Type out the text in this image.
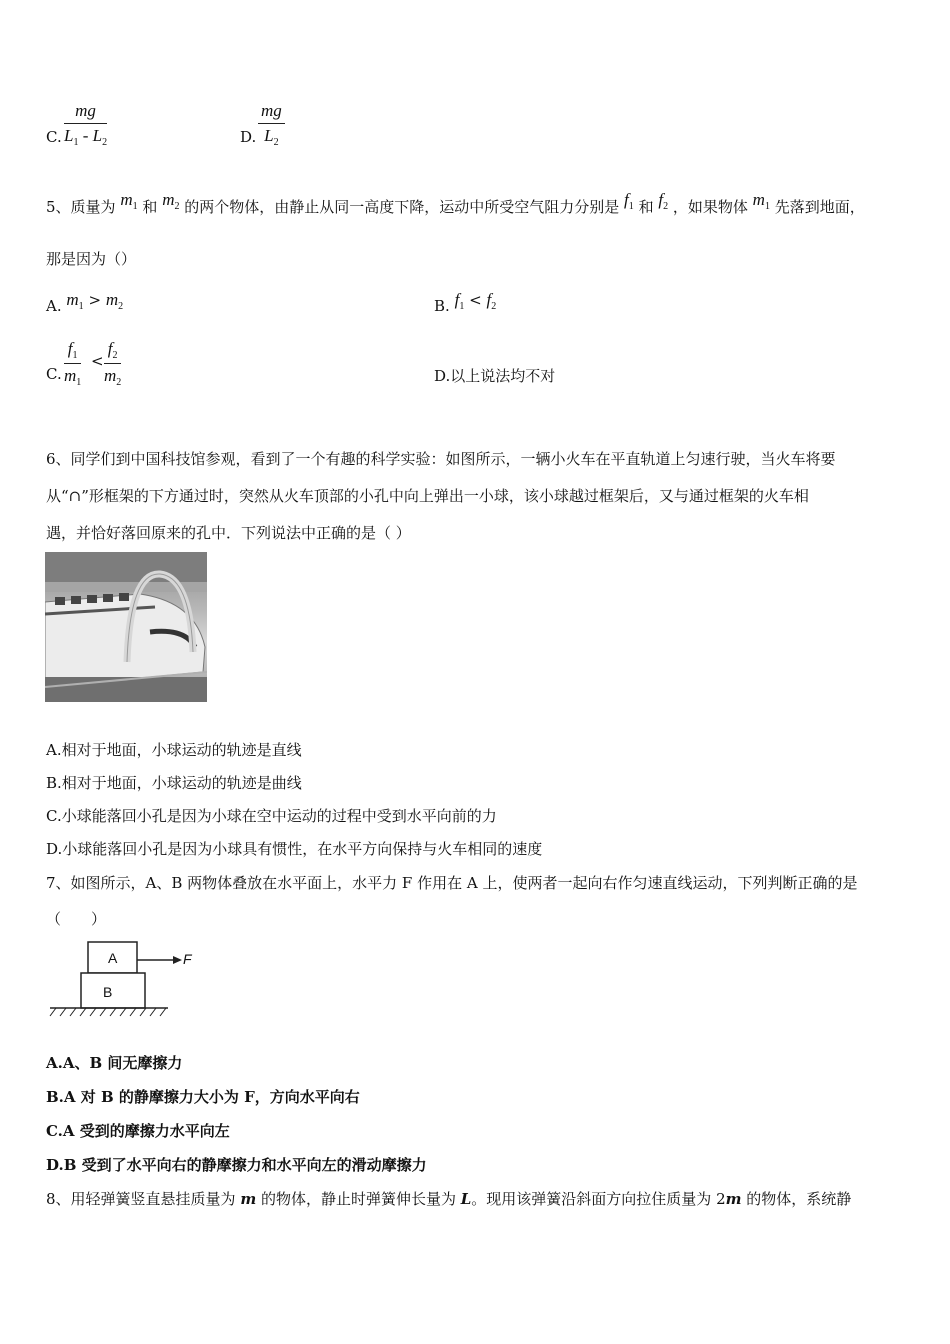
C.
mg
$L_1 - L_2$	D.
mg
$L_2$
5、质量为 $m_1$ 和 $m_2$ 的两个物体，由静止从同一高度下降，运动中所受空气阻力分别是 $f_1$ 和 $f_2$ ，如果物体 $m_1$ 先落到地面，
那是因为（）
A. $m_1 > m_2$	B. $f_1 < f_2$
C.
$f_1$
$m_1$
<
$f_2$
$m_2$	D.以上说法均不对
6、同学们到中国科技馆参观，看到了一个有趣的科学实验：如图所示，一辆小火车在平直轨道上匀速行驶，当火车将要
从“∩”形框架的下方通过时，突然从火车顶部的小孔中向上弹出一小球，该小球越过框架后，又与通过框架的火车相
遇，并恰好落回原来的孔中．下列说法中正确的是（ ）
A.相对于地面，小球运动的轨迹是直线
B.相对于地面，小球运动的轨迹是曲线
C.小球能落回小孔是因为小球在空中运动的过程中受到水平向前的力
D.小球能落回小孔是因为小球具有惯性，在水平方向保持与火车相同的速度
7、如图所示，A、B 两物体叠放在水平面上，水平力 F 作用在 A 上，使两者一起向右作匀速直线运动，下列判断正确的是
（　　）
A
B
F
A.A、B 间无摩擦力
B.A 对 B 的静摩擦力大小为 F，方向水平向右
C.A 受到的摩擦力水平向左
D.B 受到了水平向右的静摩擦力和水平向左的滑动摩擦力
8、用轻弹簧竖直悬挂质量为 m 的物体，静止时弹簧伸长量为 L。现用该弹簧沿斜面方向拉住质量为 2m 的物体，系统静
